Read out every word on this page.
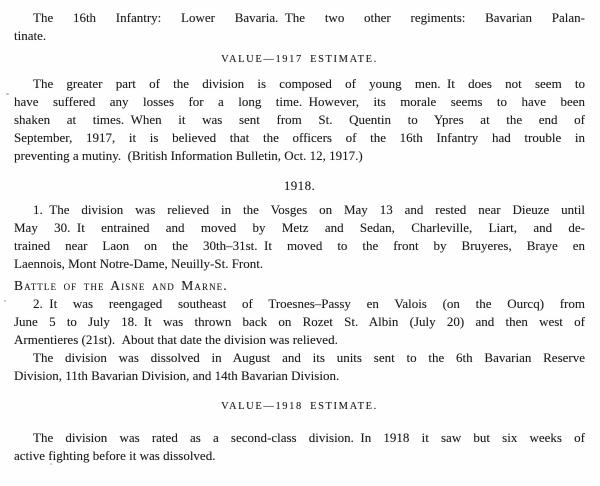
The 16th Infantry: Lower Bavaria. The two other regiments: Bavarian Palan-
tinate.
VALUE—1917 ESTIMATE.
The greater part of the division is composed of young men. It does not seem to
have suffered any losses for a long time. However, its morale seems to have been
shaken at times. When it was sent from St. Quentin to Ypres at the end of
September, 1917, it is believed that the officers of the 16th Infantry had trouble in
preventing a mutiny. (British Information Bulletin, Oct. 12, 1917.)
1918.
1. The division was relieved in the Vosges on May 13 and rested near Dieuze until
May 30. It entrained and moved by Metz and Sedan, Charleville, Liart, and de-
trained near Laon on the 30th–31st. It moved to the front by Bruyeres, Braye en
Laennois, Mont Notre-Dame, Neuilly-St. Front.
Battle of the Aisne and Marne.
2. It was reengaged southeast of Troesnes–Passy en Valois (on the Ourcq) from
June 5 to July 18. It was thrown back on Rozet St. Albin (July 20) and then west of
Armentieres (21st). About that date the division was relieved.
The division was dissolved in August and its units sent to the 6th Bavarian Reserve
Division, 11th Bavarian Division, and 14th Bavarian Division.
VALUE—1918 ESTIMATE.
The division was rated as a second-class division. In 1918 it saw but six weeks of
active fighting before it was dissolved.
